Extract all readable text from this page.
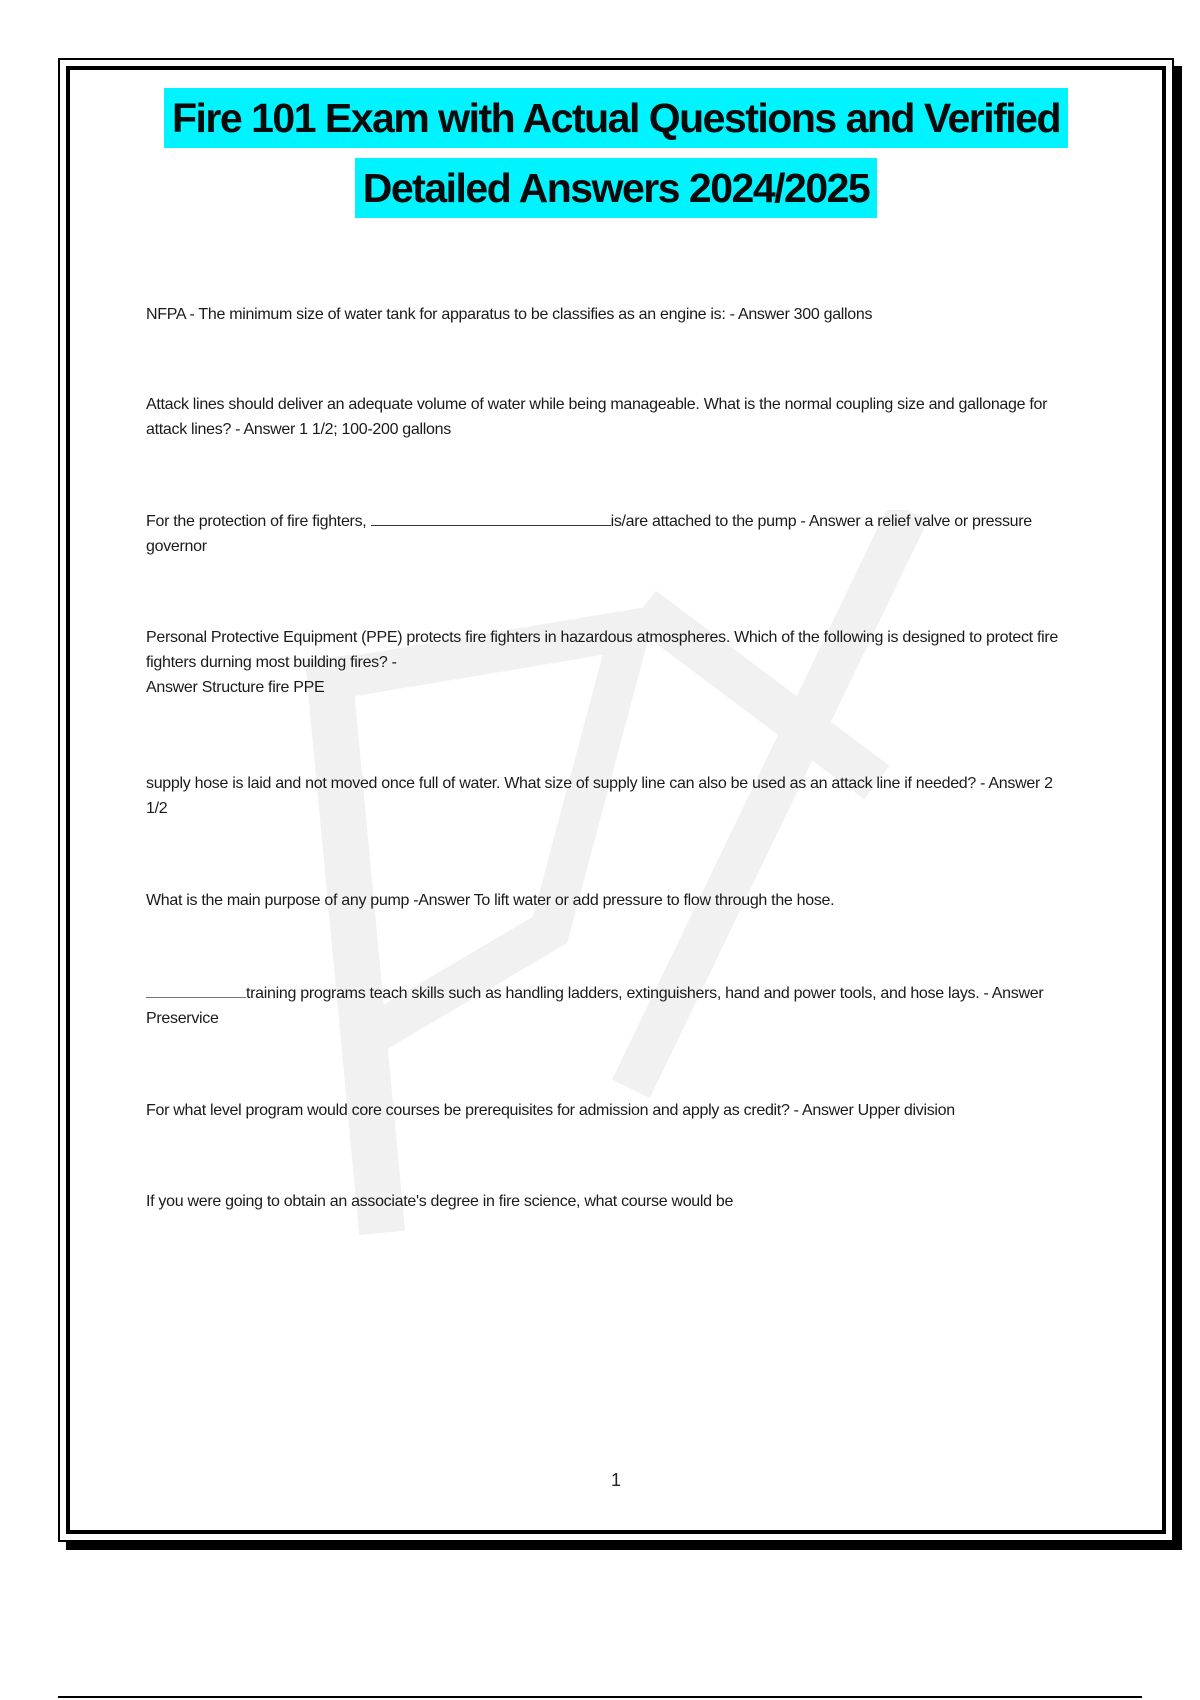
Fire 101 Exam with Actual Questions and Verified
Detailed Answers 2024/2025
NFPA - The minimum size of water tank for apparatus to be classifies as an engine is: - Answer 300 gallons
Attack lines should deliver an adequate volume of water while being manageable. What is the normal coupling size and gallonage for attack lines? - Answer 1 1/2; 100-200 gallons
For the protection of fire fighters,	is/are attached to the pump - Answer a relief valve or pressure governor
Personal Protective Equipment (PPE) protects fire fighters in hazardous atmospheres. Which of the following is designed to protect fire fighters durning most building fires? -
Answer Structure fire PPE
supply hose is laid and not moved once full of water. What size of supply line can also be used as an attack line if needed? - Answer 2 1/2
What is the main purpose of any pump -Answer To lift water or add pressure to flow through the hose.
training programs teach skills such as handling ladders, extinguishers, hand and power tools, and hose lays. - Answer Preservice
For what level program would core courses be prerequisites for admission and apply as credit? - Answer Upper division
If you were going to obtain an associate's degree in fire science, what course would be
1
